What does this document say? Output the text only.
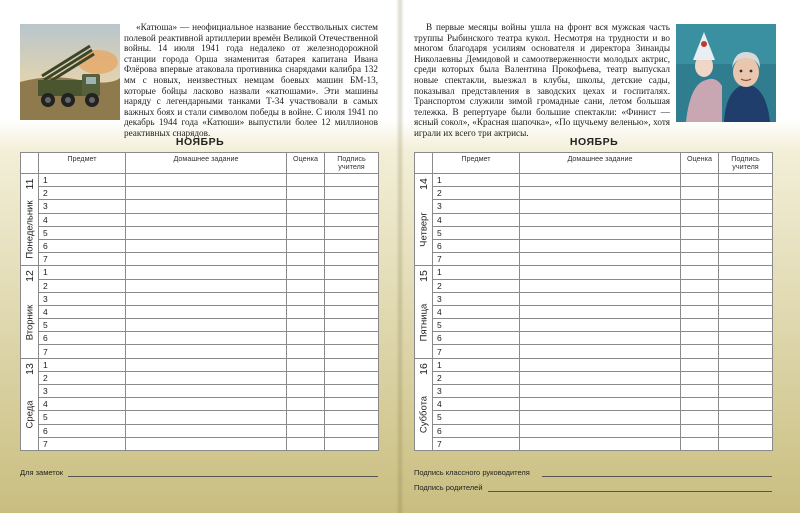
«Катюша» — неофициальное название бесствольных систем полевой реактивной артиллерии времён Великой Отечественной войны. 14 июля 1941 года недалеко от железнодорожной станции города Орша знаменитая батарея капитана Ивана Флёрова впервые атаковала противника снарядами калибра 132 мм с новых, неизвестных немцам боевых машин БМ-13, которые бойцы ласково назвали «катюшами». Эти машины наряду с легендарными танками Т-34 участвовали в самых важных боях и стали символом победы в войне. С июля 1941 по декабрь 1944 года «Катюши» выпустили более 12 миллионов реактивных снарядов.
НОЯБРЬ
	Предмет	Домашнее задание	Оценка	Подпись учителя

11
Понедельник	1			
	2			
	3			
	4			
	5			
	6			
	7			

12
Вторник	1			
	2			
	3			
	4			
	5			
	6			
	7			

13
Среда	1			
	2			
	3			
	4			
	5			
	6			
	7			
Для заметок
В первые месяцы войны ушла на фронт вся мужская часть труппы Рыбинского театра кукол. Несмотря на трудности и во многом благодаря усилиям основателя и директора Зинаиды Николаевны Демидовой и самоотверженности молодых актрис, среди которых была Валентина Прокофьева, театр выпускал новые спектакли, выезжал в клубы, школы, детские сады, показывал представления в заводских цехах и госпиталях. Транспортом служили зимой громадные сани, летом большая тележка. В репертуаре были большие спектакли: «Финист — ясный сокол», «Красная шапочка», «По щучьему веленью», хотя играли их всего три актрисы.
НОЯБРЬ
	Предмет	Домашнее задание	Оценка	Подпись учителя

14
Четверг	1			
	2			
	3			
	4			
	5			
	6			
	7			

15
Пятница	1			
	2			
	3			
	4			
	5			
	6			
	7			

16
Суббота	1			
	2			
	3			
	4			
	5			
	6			
	7			
Подпись классного руководителя
Подпись родителей
